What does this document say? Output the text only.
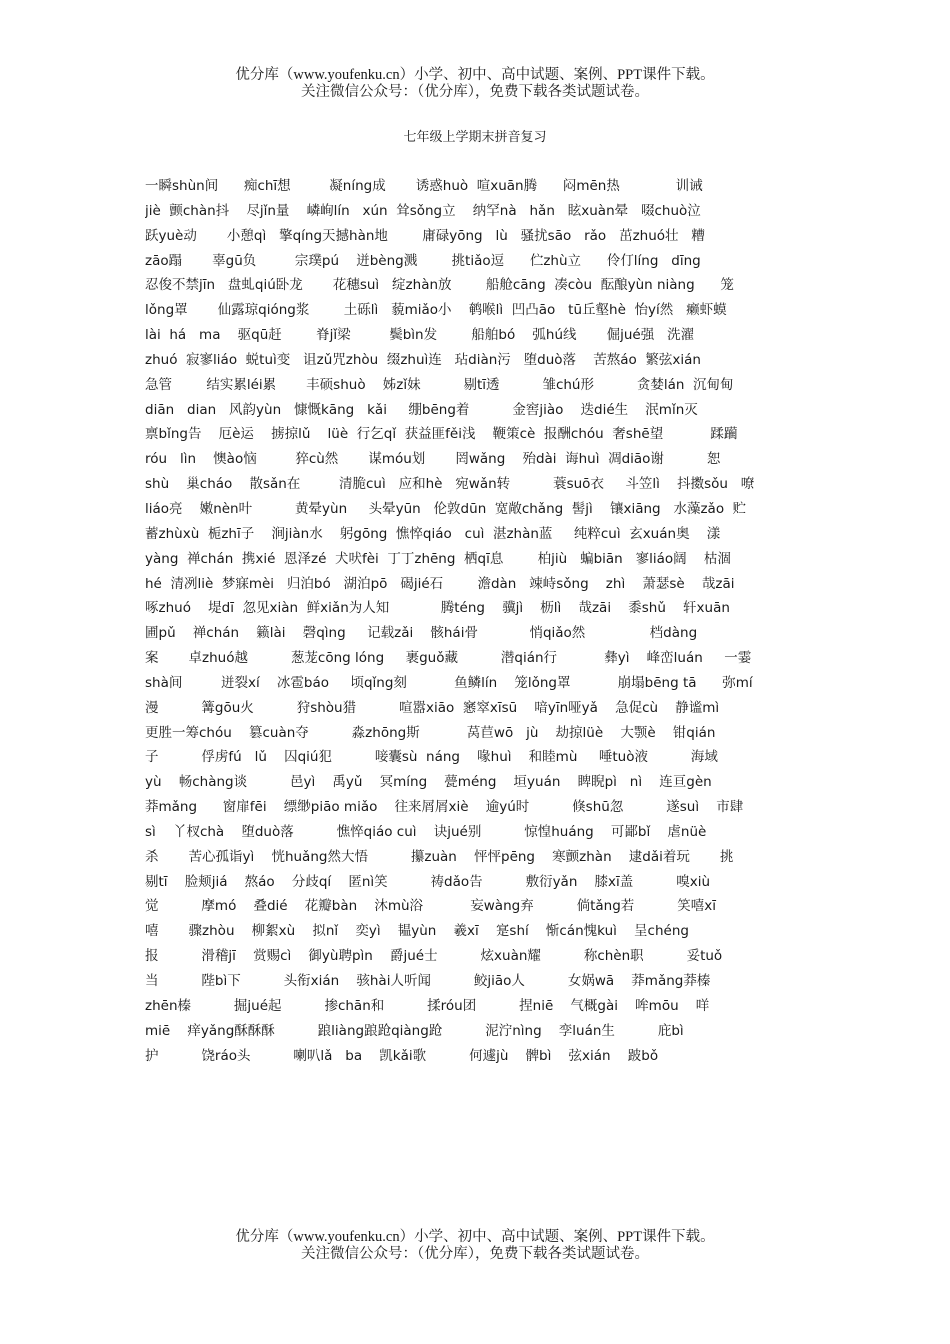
优分库（www.youfenku.cn）小学、初中、高中试题、案例、PPT课件下载。
关注微信公众号：（优分库），免费下载各类试题试卷。
七年级上学期末拼音复习
一瞬shùn间      痴chī想         凝níng成       诱惑huò  喧xuān腾      闷mēn热             训诫
jiè  颤chàn抖    尽jǐn量    嶙峋lín   xún  耸sǒng立    纳罕nà   hǎn   眩xuàn晕   啜chuò泣
跃yuè动       小憩qì   擎qíng天撼hàn地        庸碌yōng   lù   骚扰sāo   rǎo   茁zhuó壮   糟
zāo蹋       辜gū负         宗璞pú    迸bèng溅        挑tiǎo逗      伫zhù立      伶仃líng   dīng
忍俊不禁jīn   盘虬qiú卧龙       花穗suì   绽zhàn放        船舱cāng  凑còu  酝酿yùn niàng      笼
lǒng罩       仙露琼qióng浆        土砾lì   藐miǎo小    鹌喉lì  凹凸āo   tū丘壑hè  怡yí然   癞虾蟆
lài  há   ma    驱qū赶        脊jǐ梁         鬓bìn发        船舶bó    弧hú线       倔jué强   洗濯
zhuó  寂寥liáo  蜕tuì变   诅zǔ咒zhòu  缀zhuì连   玷diàn污   堕duò落    苦熬áo  繁弦xián
急管        结实累léi累       丰硕shuò    姊zǐ妹          剔tī透          雏chú形          贪婪lán  沉甸甸
diān   dian   风韵yùn   慷慨kāng   kǎi     绷bēng着          金窖jiào    迭dié生    泯mǐn灭
禀bǐng告    厄è运    掳掠lǔ    lüè  行乞qǐ  获益匪fěi浅    鞭策cè  报酬chóu  奢shē望           蹂躏
róu   lìn    懊ào恼         猝cù然       谋móu划       罔wǎng    殆dài  诲huì  凋diāo谢          恕
shù    巢cháo    散sǎn在         清脆cuì   应和hè   宛wǎn转          蓑suō衣     斗笠lì    抖擞sǒu   嘹
liáo亮    嫩nèn叶          黄晕yùn     头晕yūn   伦敦dūn  宽敞chǎng  髻jì    镶xiāng   水藻zǎo  贮
蓄zhùxù  栀zhī子    涧jiàn水    躬gōng  憔悴qiáo   cuì  湛zhàn蓝     纯粹cuì  玄xuán奥    漾
yàng  禅chán  携xié  恩泽zé  犬吠fèi  丁丁zhēng  栖qī息        柏jiù   蝙biān   寥liáo阔    枯涸
hé  清冽liè  梦寐mèi   归泊bó   湖泊pō   碣jié石        澹dàn   竦峙sǒng    zhì    萧瑟sè    哉zāi
啄zhuó    堤dī  忽见xiàn  鲜xiǎn为人知            腾téng    骥jì    枥lì    哉zāi    黍shǔ    轩xuān
圃pǔ    禅chán    籁lài    磬qìng     记载zǎi    骸hái骨            悄qiǎo然               档dàng
案       卓zhuó越          葱茏cōng lóng     裹guǒ藏          潜qián行           彝yì    峰峦luán     一霎
shà间         迸裂xí    冰雹báo     顷qǐng刻           鱼鳞lín    笼lǒng罩           崩塌bēng tā      弥mí
漫          篝gōu火          狩shòu猎          喧嚣xiāo  窸窣xīsū    喑yīn哑yǎ    急促cù    静谧mì
更胜一筹chóu    篡cuàn夺          淼zhōng斯           莴苣wō   jù    劫掠lüè    大颚è    钳qián
子          俘虏fú   lǔ    囚qiú犯          唼囊sù  náng    喙huì    和睦mù     唾tuò液          海域
yù    畅chàng谈          邑yì    禹yǔ    冥míng    甍méng    垣yuán    睥睨pì   nì    连亘gèn
莽mǎng      窗扉fēi    缥缈piāo miǎo    往来屑屑xiè    逾yú时          倏shū忽          遂suì    市肆
sì    丫杈chà    堕duò落          憔悴qiáo cuì    诀jué别          惊惶huáng    可鄙bǐ    虐nüè
杀       苦心孤诣yì    恍huǎng然大悟          攥zuàn    怦怦pēng    寒颤zhàn    逮dǎi着玩       挑
剔tī    脸颊jiá    熬áo    分歧qí    匿nì笑          祷dǎo告          敷衍yǎn    膝xī盖          嗅xiù
觉          摩mó    叠dié    花瓣bàn    沐mù浴           妄wàng弃          倘tǎng若          笑嘻xī
嘻       骤zhòu    柳絮xù    拟nǐ    奕yì    韫yùn    羲xī    寔shí    惭cán愧kuì    呈chéng
报          滑稽jī    赏赐cì    御yù聘pìn    爵jué士          炫xuàn耀          称chèn职          妥tuǒ
当          陛bì下          头衔xián    骇hài人听闻          鲛jiāo人          女娲wā    莽mǎng莽榛
zhēn榛          掘jué起          掺chān和          揉róu团          捏niē    气概gài    哞mōu    咩
miē    痒yǎng酥酥酥          踉liàng踉跄qiàng跄          泥泞nìng    孪luán生          庇bì
护          饶ráo头          喇叭lǎ   ba    凯kǎi歌          何遽jù    髀bì    弦xián    跛bǒ
优分库（www.youfenku.cn）小学、初中、高中试题、案例、PPT课件下载。
关注微信公众号：（优分库），免费下载各类试题试卷。
